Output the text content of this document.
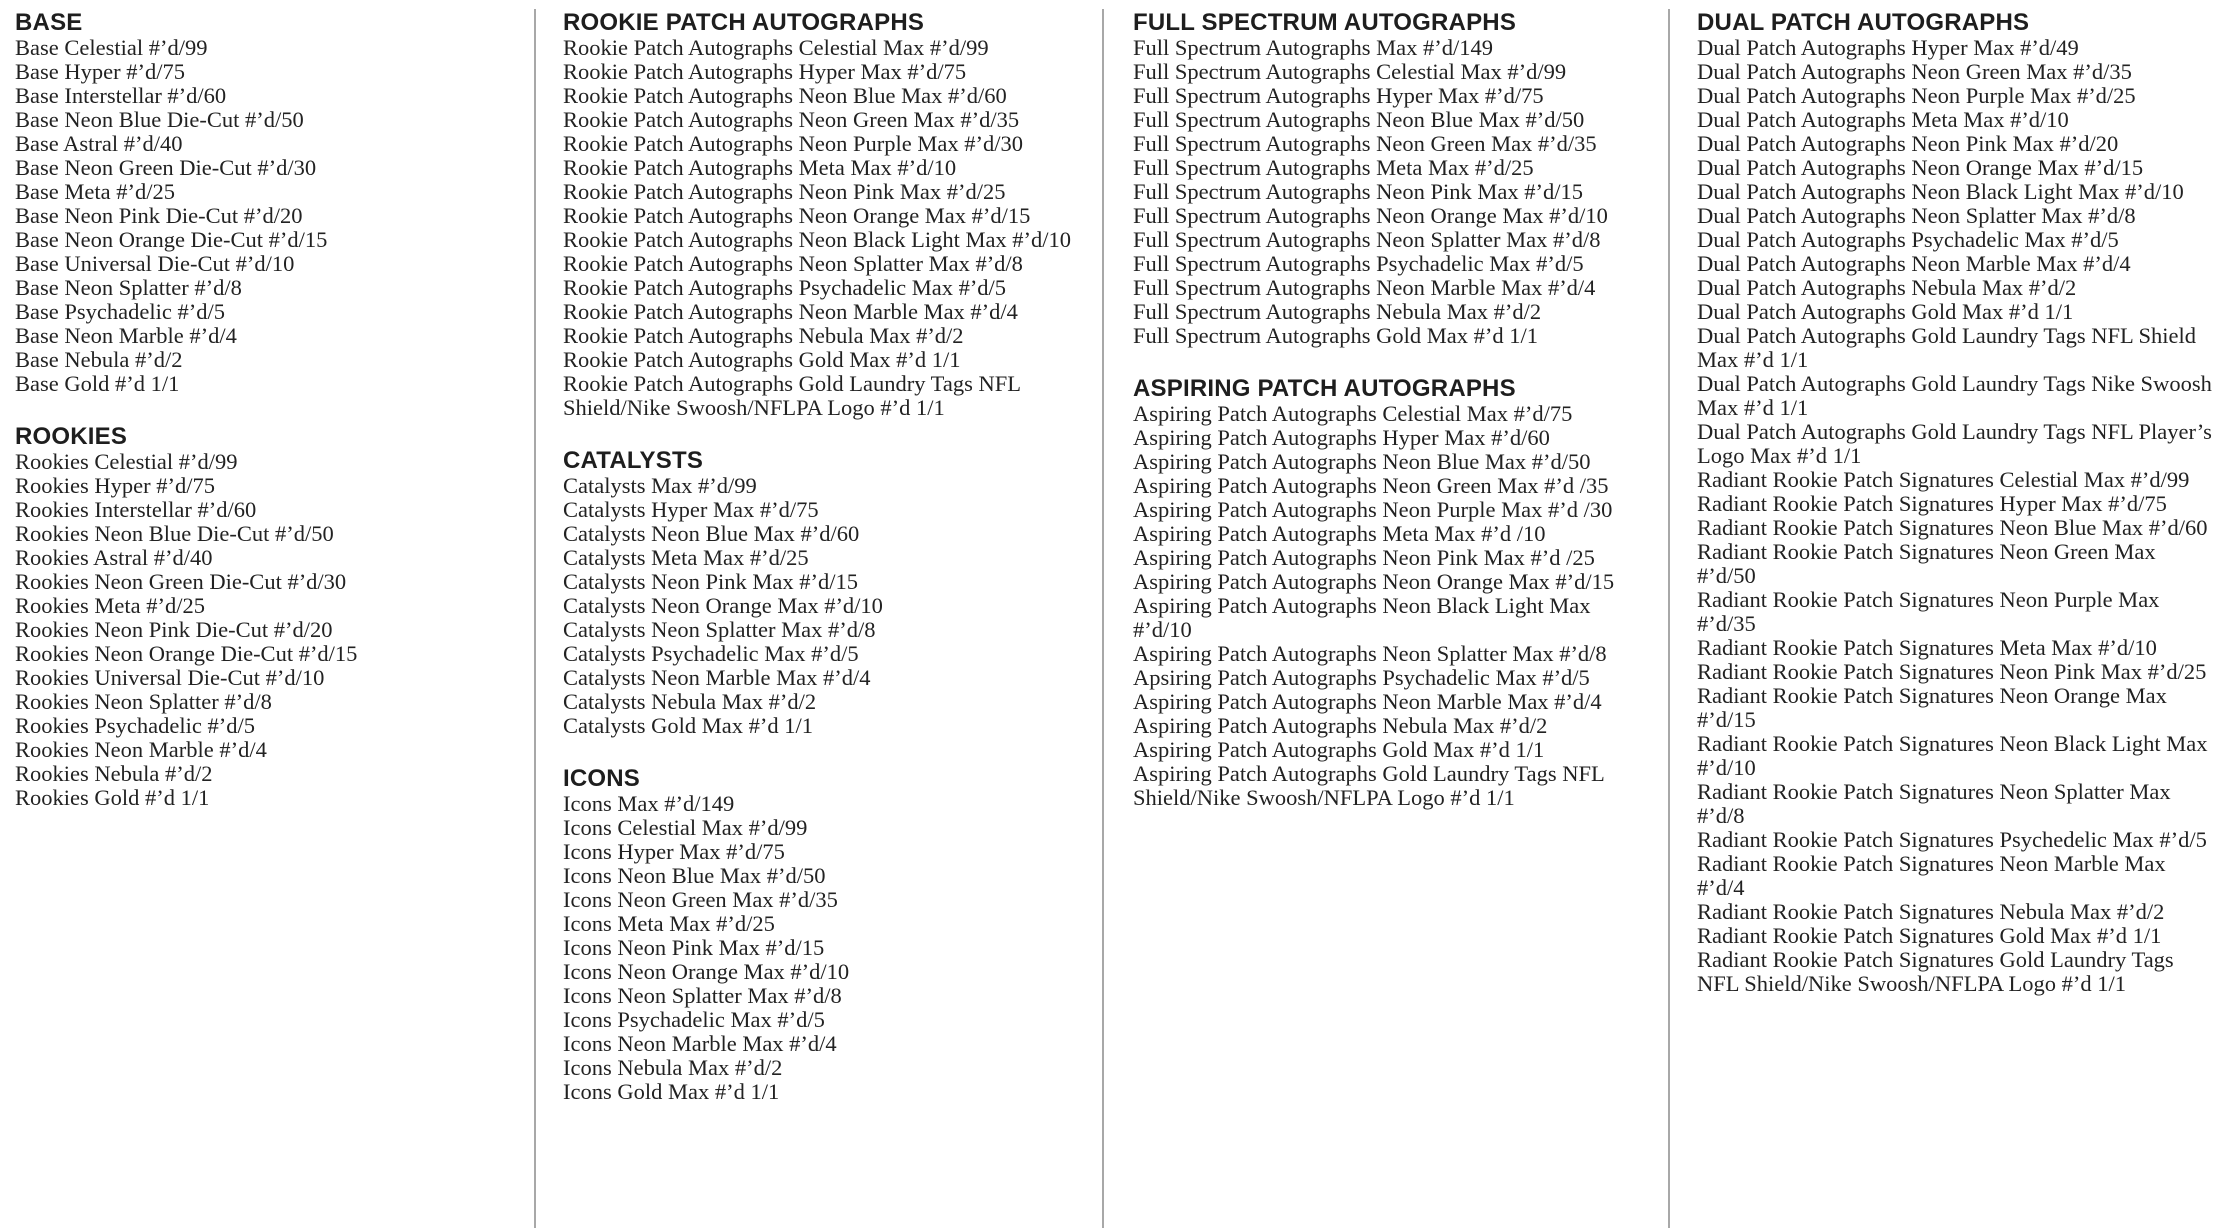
BASE
Base Celestial #’d/99
Base Hyper #’d/75
Base Interstellar #’d/60
Base Neon Blue Die-Cut #’d/50
Base Astral #’d/40
Base Neon Green Die-Cut #’d/30
Base Meta #’d/25
Base Neon Pink Die-Cut #’d/20
Base Neon Orange Die-Cut #’d/15
Base Universal Die-Cut #’d/10
Base Neon Splatter #’d/8
Base Psychadelic #’d/5
Base Neon Marble #’d/4
Base Nebula #’d/2
Base Gold #’d 1/1
ROOKIES
Rookies Celestial #’d/99
Rookies Hyper #’d/75
Rookies Interstellar #’d/60
Rookies Neon Blue Die-Cut #’d/50
Rookies Astral #’d/40
Rookies Neon Green Die-Cut #’d/30
Rookies Meta #’d/25
Rookies Neon Pink Die-Cut #’d/20
Rookies Neon Orange Die-Cut #’d/15
Rookies Universal Die-Cut #’d/10
Rookies Neon Splatter #’d/8
Rookies Psychadelic #’d/5
Rookies Neon Marble #’d/4
Rookies Nebula #’d/2
Rookies Gold #’d 1/1
ROOKIE PATCH AUTOGRAPHS
Rookie Patch Autographs Celestial Max #’d/99
Rookie Patch Autographs Hyper Max #’d/75
Rookie Patch Autographs Neon Blue Max #’d/60
Rookie Patch Autographs Neon Green Max #’d/35
Rookie Patch Autographs Neon Purple Max #’d/30
Rookie Patch Autographs Meta Max #’d/10
Rookie Patch Autographs Neon Pink Max #’d/25
Rookie Patch Autographs Neon Orange Max #’d/15
Rookie Patch Autographs Neon Black Light Max #’d/10
Rookie Patch Autographs Neon Splatter Max #’d/8
Rookie Patch Autographs Psychadelic Max #’d/5
Rookie Patch Autographs Neon Marble Max #’d/4
Rookie Patch Autographs Nebula Max #’d/2
Rookie Patch Autographs Gold Max #’d 1/1
Rookie Patch Autographs Gold Laundry Tags NFL Shield/Nike Swoosh/NFLPA Logo #’d 1/1
CATALYSTS
Catalysts Max #’d/99
Catalysts Hyper Max #’d/75
Catalysts Neon Blue Max #’d/60
Catalysts Meta Max #’d/25
Catalysts Neon Pink Max #’d/15
Catalysts Neon Orange Max #’d/10
Catalysts Neon Splatter Max #’d/8
Catalysts Psychadelic Max #’d/5
Catalysts Neon Marble Max #’d/4
Catalysts Nebula Max #’d/2
Catalysts Gold Max #’d 1/1
ICONS
Icons Max #’d/149
Icons Celestial Max #’d/99
Icons Hyper Max #’d/75
Icons Neon Blue Max #’d/50
Icons Neon Green Max #’d/35
Icons Meta Max #’d/25
Icons Neon Pink Max #’d/15
Icons Neon Orange Max #’d/10
Icons Neon Splatter Max #’d/8
Icons Psychadelic Max #’d/5
Icons Neon Marble Max #’d/4
Icons Nebula Max #’d/2
Icons Gold Max #’d 1/1
FULL SPECTRUM AUTOGRAPHS
Full Spectrum Autographs Max #’d/149
Full Spectrum Autographs Celestial Max #’d/99
Full Spectrum Autographs Hyper Max #’d/75
Full Spectrum Autographs Neon Blue Max #’d/50
Full Spectrum Autographs Neon Green Max #’d/35
Full Spectrum Autographs Meta Max #’d/25
Full Spectrum Autographs Neon Pink Max #’d/15
Full Spectrum Autographs Neon Orange Max #’d/10
Full Spectrum Autographs Neon Splatter Max #’d/8
Full Spectrum Autographs Psychadelic Max #’d/5
Full Spectrum Autographs Neon Marble Max #’d/4
Full Spectrum Autographs Nebula Max #’d/2
Full Spectrum Autographs Gold Max #’d 1/1
ASPIRING PATCH AUTOGRAPHS
Aspiring Patch Autographs Celestial Max #’d/75
Aspiring Patch Autographs Hyper Max #’d/60
Aspiring Patch Autographs Neon Blue Max #’d/50
Aspiring Patch Autographs Neon Green Max #’d /35
Aspiring Patch Autographs Neon Purple Max #’d /30
Aspiring Patch Autographs Meta Max #’d /10
Aspiring Patch Autographs Neon Pink Max #’d /25
Aspiring Patch Autographs Neon Orange Max #’d/15
Aspiring Patch Autographs Neon Black Light Max #’d/10
Aspiring Patch Autographs Neon Splatter Max #’d/8
Apsiring Patch Autographs Psychadelic Max #’d/5
Aspiring Patch Autographs Neon Marble Max #’d/4
Aspiring Patch Autographs Nebula Max #’d/2
Aspiring Patch Autographs Gold Max #’d 1/1
Aspiring Patch Autographs Gold Laundry Tags NFL Shield/Nike Swoosh/NFLPA Logo #’d 1/1
DUAL PATCH AUTOGRAPHS
Dual Patch Autographs Hyper Max #’d/49
Dual Patch Autographs Neon Green Max #’d/35
Dual Patch Autographs Neon Purple Max #’d/25
Dual Patch Autographs Meta Max #’d/10
Dual Patch Autographs Neon Pink Max #’d/20
Dual Patch Autographs Neon Orange Max #’d/15
Dual Patch Autographs Neon Black Light Max #’d/10
Dual Patch Autographs Neon Splatter Max #’d/8
Dual Patch Autographs Psychadelic Max #’d/5
Dual Patch Autographs Neon Marble Max #’d/4
Dual Patch Autographs Nebula Max #’d/2
Dual Patch Autographs Gold Max #’d 1/1
Dual Patch Autographs Gold Laundry Tags NFL Shield Max #’d 1/1
Dual Patch Autographs Gold Laundry Tags Nike Swoosh Max #’d 1/1
Dual Patch Autographs Gold Laundry Tags NFL Player’s Logo Max #’d 1/1
Radiant Rookie Patch Signatures Celestial Max #’d/99
Radiant Rookie Patch Signatures Hyper Max #’d/75
Radiant Rookie Patch Signatures Neon Blue Max #’d/60
Radiant Rookie Patch Signatures Neon Green Max #’d/50
Radiant Rookie Patch Signatures Neon Purple Max #’d/35
Radiant Rookie Patch Signatures Meta Max #’d/10
Radiant Rookie Patch Signatures Neon Pink Max #’d/25
Radiant Rookie Patch Signatures Neon Orange Max #’d/15
Radiant Rookie Patch Signatures Neon Black Light Max #’d/10
Radiant Rookie Patch Signatures Neon Splatter Max #’d/8
Radiant Rookie Patch Signatures Psychedelic Max #’d/5
Radiant Rookie Patch Signatures Neon Marble Max #’d/4
Radiant Rookie Patch Signatures Nebula Max #’d/2
Radiant Rookie Patch Signatures Gold Max #’d 1/1
Radiant Rookie Patch Signatures Gold Laundry Tags NFL Shield/Nike Swoosh/NFLPA Logo #’d 1/1
